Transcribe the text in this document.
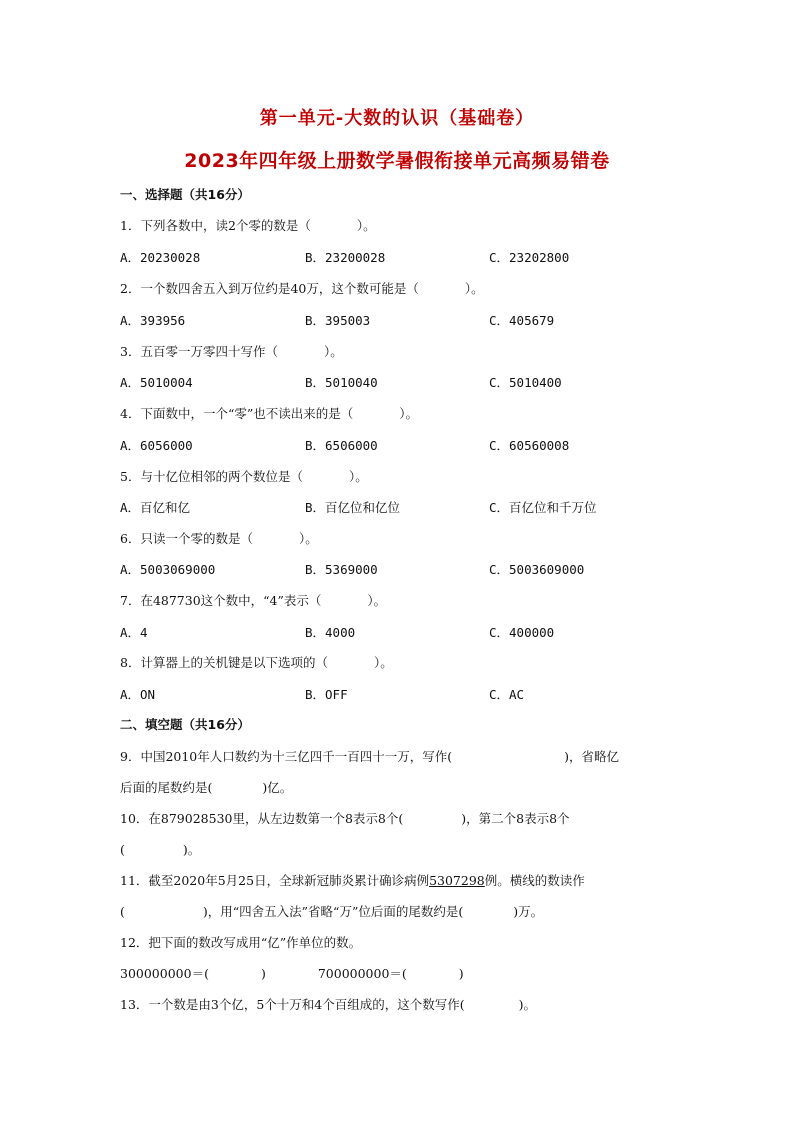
第一单元-大数的认识（基础卷）
2023年四年级上册数学暑假衔接单元高频易错卷
一、选择题（共16分）
1．下列各数中，读2个零的数是（	）。
A．20230028	B．23200028	C．23202800
2．一个数四舍五入到万位约是40万，这个数可能是（	）。
A．393956	B．395003	C．405679
3．五百零一万零四十写作（	）。
A．5010004	B．5010040	C．5010400
4．下面数中，一个“零”也不读出来的是（	）。
A．6056000	B．6506000	C．60560008
5．与十亿位相邻的两个数位是（	）。
A．百亿和亿	B．百亿位和亿位	C．百亿位和千万位
6．只读一个零的数是（	）。
A．5003069000	B．5369000	C．5003609000
7．在487730这个数中，“4”表示（	）。
A．4	B．4000	C．400000
8．计算器上的关机键是以下选项的（	）。
A．ON	B．OFF	C．AC
二、填空题（共16分）
9．中国2010年人口数约为十三亿四千一百四十一万，写作(	)，省略亿
后面的尾数约是(	)亿。
10．在879028530里，从左边数第一个8表示8个(	)，第二个8表示8个
(	)。
11．截至2020年5月25日，全球新冠肺炎累计确诊病例5307298例。横线的数读作
(	)，用“四舍五入法”省略“万”位后面的尾数约是(	)万。
12．把下面的数改写成用“亿”作单位的数。
300000000＝(	)	700000000＝(	)
13．一个数是由3个亿，5个十万和4个百组成的，这个数写作(	)。
